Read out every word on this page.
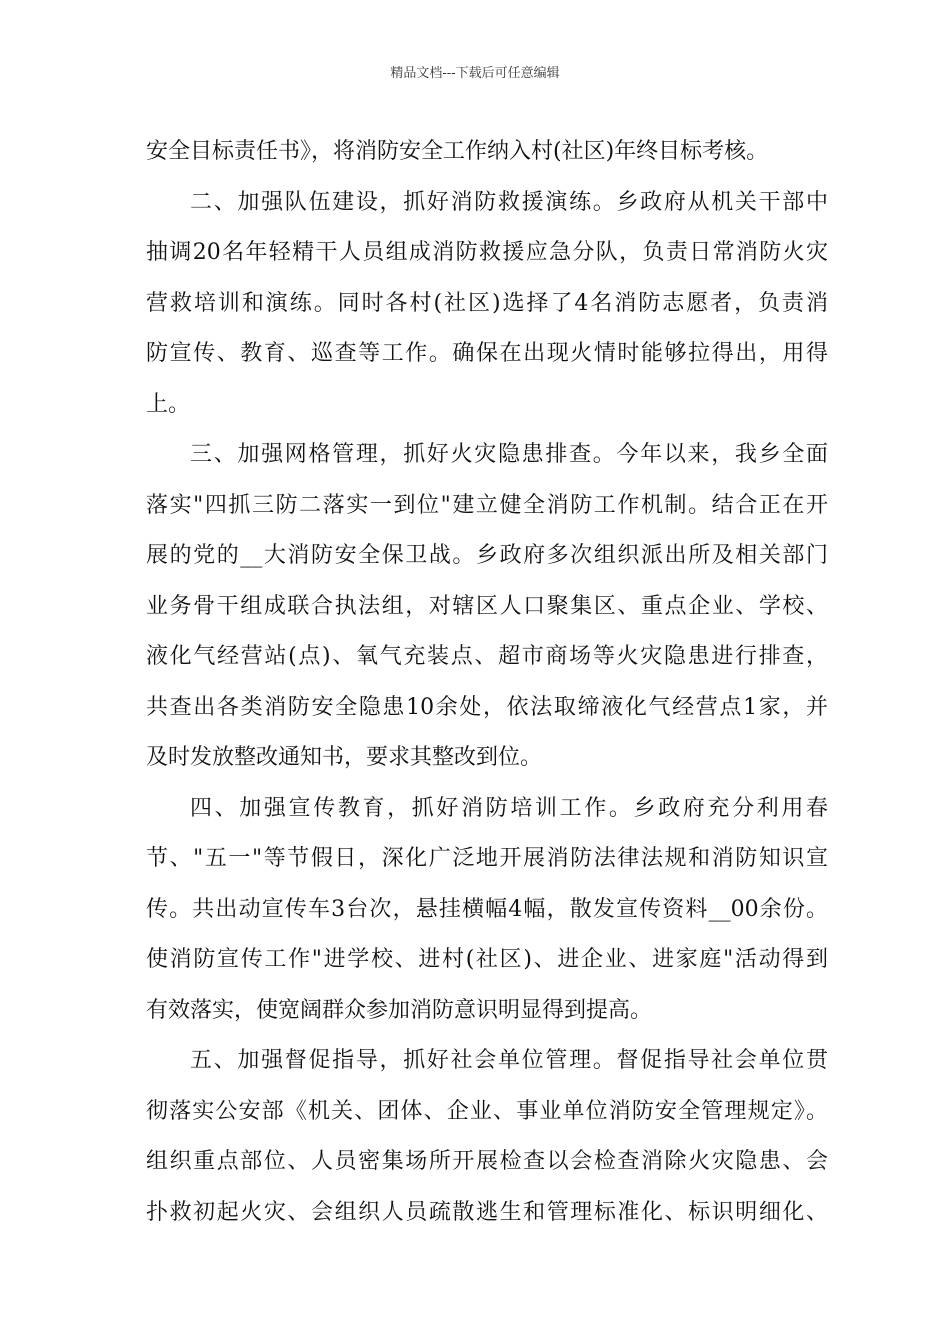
精品文档---下载后可任意编辑
安全目标责任书》，将消防安全工作纳入村(社区)年终目标考核。
二、加强队伍建设，抓好消防救援演练。乡政府从机关干部中
抽调20名年轻精干人员组成消防救援应急分队，负责日常消防火灾
营救培训和演练。同时各村(社区)选择了4名消防志愿者，负责消
防宣传、教育、巡查等工作。确保在出现火情时能够拉得出，用得
上。
三、加强网格管理，抓好火灾隐患排查。今年以来，我乡全面
落实"四抓三防二落实一到位"建立健全消防工作机制。结合正在开
展的党的__大消防安全保卫战。乡政府多次组织派出所及相关部门
业务骨干组成联合执法组，对辖区人口聚集区、重点企业、学校、
液化气经营站(点)、氧气充装点、超市商场等火灾隐患进行排查，
共查出各类消防安全隐患10余处，依法取缔液化气经营点1家，并
及时发放整改通知书，要求其整改到位。
四、加强宣传教育，抓好消防培训工作。乡政府充分利用春
节、"五一"等节假日，深化广泛地开展消防法律法规和消防知识宣
传。共出动宣传车3台次，悬挂横幅4幅，散发宣传资料__00余份。
使消防宣传工作"进学校、进村(社区)、进企业、进家庭"活动得到
有效落实，使宽阔群众参加消防意识明显得到提高。
五、加强督促指导，抓好社会单位管理。督促指导社会单位贯
彻落实公安部《机关、团体、企业、事业单位消防安全管理规定》。
组织重点部位、人员密集场所开展检查以会检查消除火灾隐患、会
扑救初起火灾、会组织人员疏散逃生和管理标准化、标识明细化、
